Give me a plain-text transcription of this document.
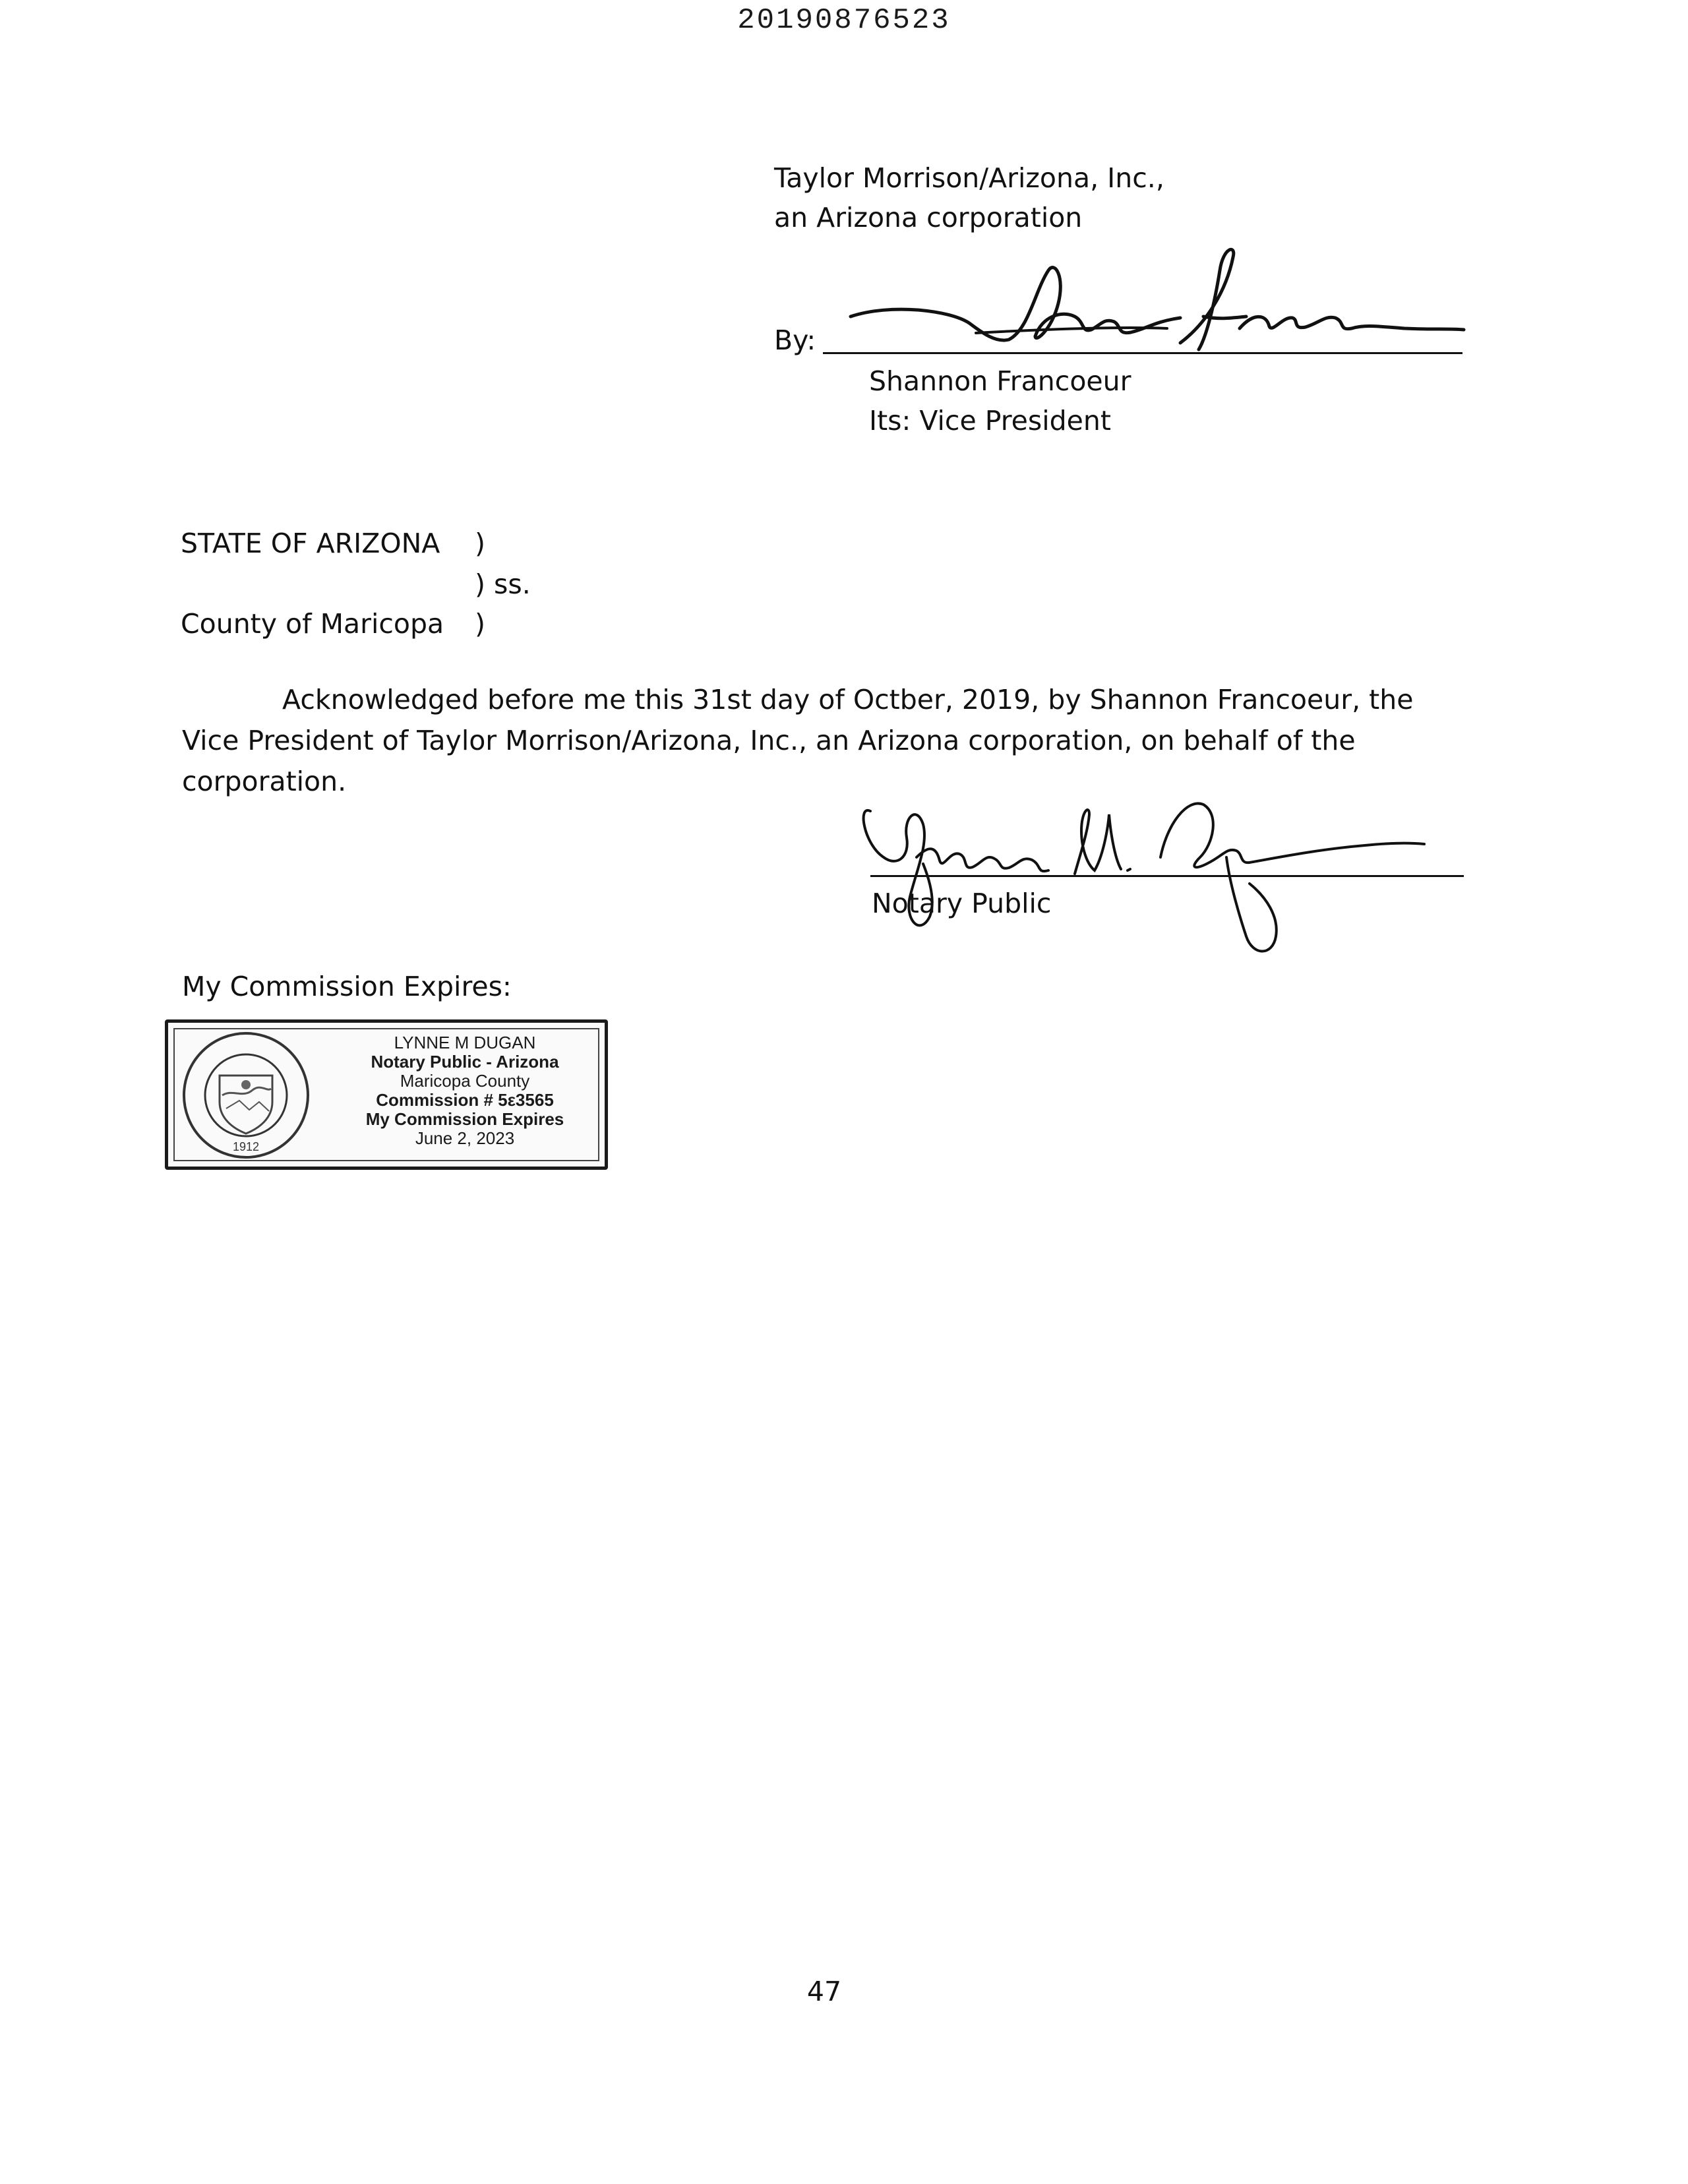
20190876523
Taylor Morrison/Arizona, Inc.,
an Arizona corporation
By:
Shannon Francoeur
Its: Vice President
STATE OF ARIZONA )
) ss.
County of Maricopa )
Acknowledged before me this 31st day of Octber, 2019, by Shannon Francoeur, the Vice President of Taylor Morrison/Arizona, Inc., an Arizona corporation, on behalf of the corporation.
Notary Public
My Commission Expires:
1912
LYNNE M DUGAN
Notary Public - Arizona
Maricopa County
Commission # 5ε3565
My Commission Expires
June 2, 2023
47
